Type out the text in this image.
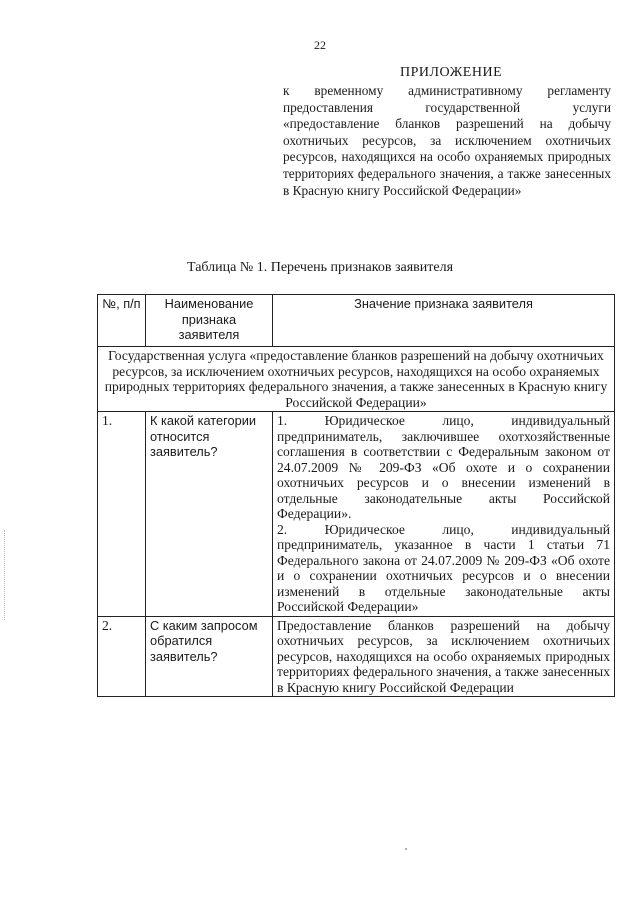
22
ПРИЛОЖЕНИЕ
к временному административному регламенту предоставления государственной услуги «предоставление бланков разрешений на добычу охотничьих ресурсов, за исключением охотничьих ресурсов, находящихся на особо охраняемых природных территориях федерального значения, а также занесенных в Красную книгу Российской Федерации»
Таблица № 1. Перечень признаков заявителя
№, п/п	Наименование признака заявителя	Значение признака заявителя
Государственная услуга «предоставление бланков разрешений на добычу охотничьих ресурсов, за исключением охотничьих ресурсов, находящихся на особо охраняемых природных территориях федерального значения, а также занесенных в Красную книгу Российской Федерации»		
1.	К какой категории относится заявитель?	1. Юридическое лицо, индивидуальный предприниматель, заключившее охотхозяйственные соглашения в соответствии с Федеральным законом от 24.07.2009 № 209-ФЗ «Об охоте и о сохранении охотничьих ресурсов и о внесении изменений в отдельные законодательные акты Российской Федерации».

2. Юридическое лицо, индивидуальный предприниматель, указанное в части 1 статьи 71 Федерального закона от 24.07.2009 № 209-ФЗ «Об охоте и о сохранении охотничьих ресурсов и о внесении изменений в отдельные законодательные акты Российской Федерации»

2.	С каким запросом обратился заявитель?	Предоставление бланков разрешений на добычу охотничьих ресурсов, за исключением охотничьих ресурсов, находящихся на особо охраняемых природных территориях федерального значения, а также занесенных в Красную книгу Российской Федерации
